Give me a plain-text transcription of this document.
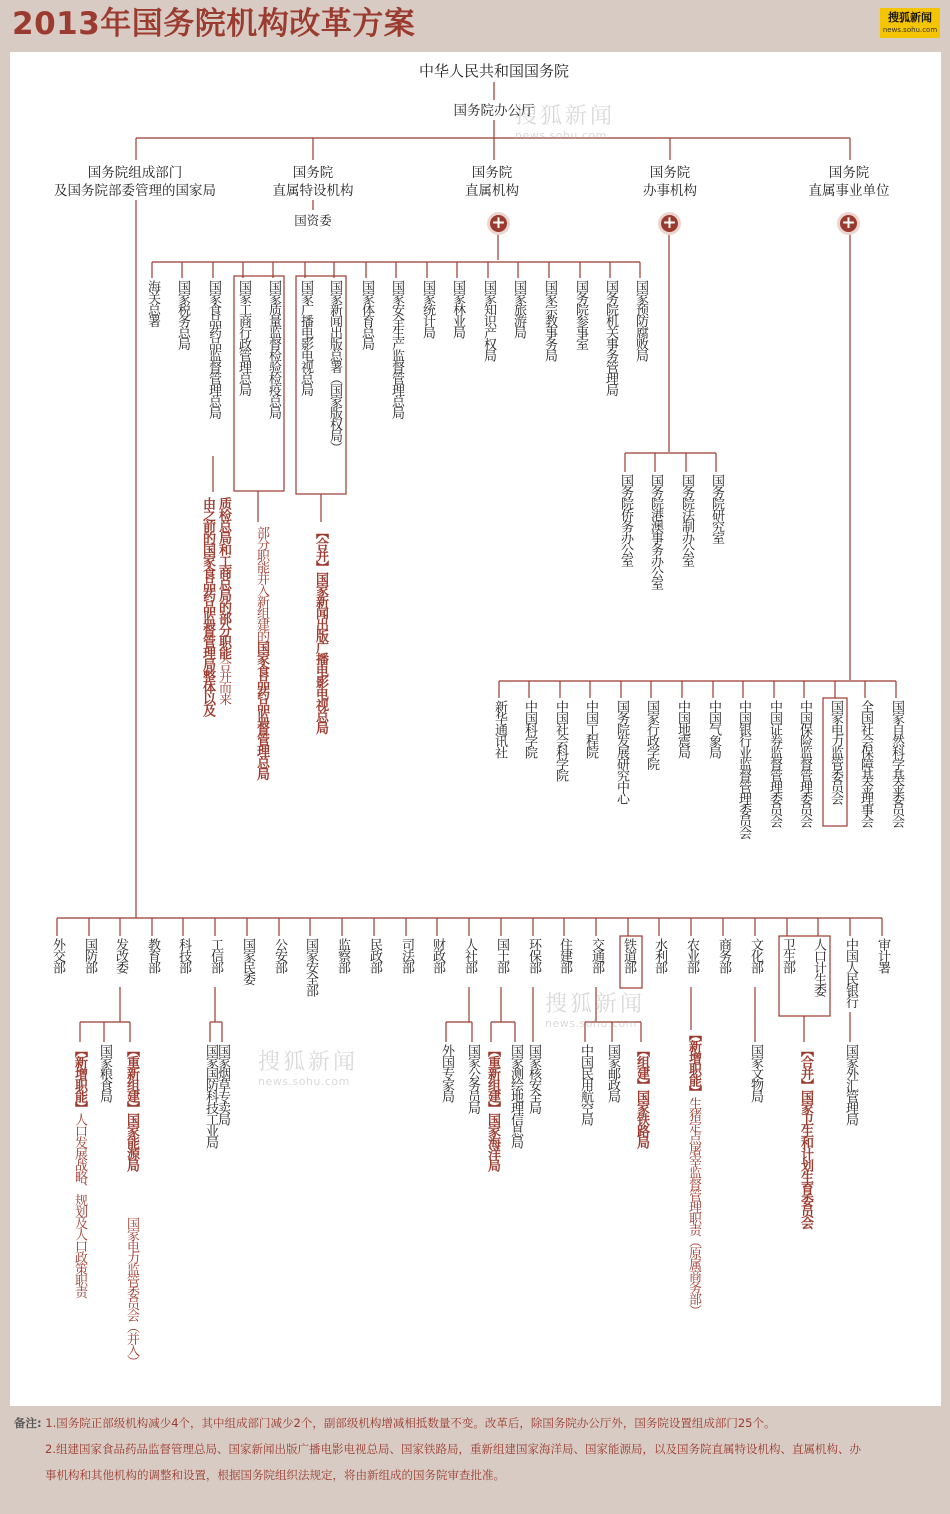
2013年国务院机构改革方案	搜狐新闻
news.sohu.com
搜狐新闻
news.sohu.com
搜狐新闻
news.sohu.com
搜狐新闻
news.sohu.com
中华人民共和国国务院
国务院办公厅
国务院组成部门
及国务院部委管理的国家局
国务院
直属特设机构
国务院
直属机构
国务院
办事机构
国务院
直属事业单位
国资委	+	+	+
海关总署 国家税务总局 国家食品药品监督管理总局 国家工商行政管理总局 国家质量监督检验检疫总局 国家广播电影电视总局 国家新闻出版总署（国家版权局） 国家体育总局 国家安全生产监督管理总局 国家统计局 国家林业局 国家知识产权局 国家旅游局 国家宗教事务局 国务院参事室 国务院机关事务管理局 国家预防腐败局
国务院侨务办公室 国务院港澳事务办公室 国务院法制办公室 国务院研究室
新华通讯社 中国科学院 中国社会科学院 中国工程院 国务院发展研究中心 国家行政学院 中国地震局 中国气象局 中国银行业监督管理委员会 中国证券监督管理委员会 中国保险监督管理委员会 国家电力监管委员会 全国社会保障基金理事会 国家自然科学基金委员会
外交部 国防部 发改委 教育部 科技部 工信部 国家民委 公安部 国家安全部 监察部 民政部 司法部 财政部 人社部 国土部 环保部 住建部 交通部 铁道部 水利部 农业部 商务部 文化部 卫生部 人口计生委 中国人民银行 审计署
国家粮食局	国家国防科技工业局
国家烟草专卖局	外国专家局 国家公务员局 国家测绘地理信息局 国家核安全局	中国民用航空局 国家邮政局	国家文物局	国家外汇管理局
由之前的国家食品药品监督管理局整体以及 质检总局和工商总局的部分职能合并而来
部分职能并入新组建的国家食品药品监督管理总局
【合并】国家新闻出版广播电影电视总局
【新增职能】人口发展战略、规划及人口政策职责
【重新组建】国家能源局
国家电力监管委员会（并入）
【重新组建】国家海洋局
【组建】国家铁路局
【新增职能】生猪定点屠宰监督管理职责（原属商务部）
【合并】国家卫生和计划生育委员会
备注: 1.国务院正部级机构减少4个，其中组成部门减少2个，副部级机构增减相抵数量不变。改革后，除国务院办公厅外，国务院设置组成部门25个。
2.组建国家食品药品监督管理总局、国家新闻出版广播电影电视总局、国家铁路局，重新组建国家海洋局、国家能源局，以及国务院直属特设机构、直属机构、办
事机构和其他机构的调整和设置，根据国务院组织法规定，将由新组成的国务院审查批准。
